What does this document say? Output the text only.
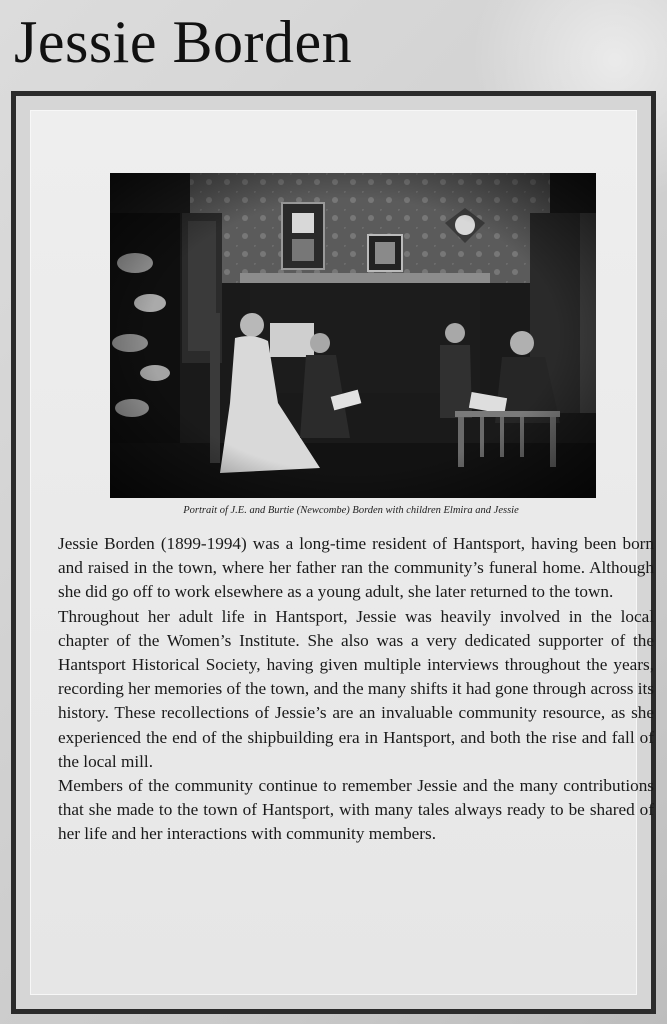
Jessie Borden

Portrait of J.E. and Burtie (Newcombe) Borden with children Elmira and Jessie

Jessie Borden (1899-1994) was a long-time resident of Hantsport, having been born and raised in the town, where her father ran the community’s funeral home. Although she did go off to work elsewhere as a young adult, she later returned to the town.

Throughout her adult life in Hantsport, Jessie was heavily involved in the local chapter of the Women’s Institute. She also was a very dedicated supporter of the Hantsport Historical Society, having given multiple interviews throughout the years, recording her memories of the town, and the many shifts it had gone through across its history. These recollections of Jessie’s are an invaluable community resource, as she experienced the end of the shipbuilding era in Hantsport, and both the rise and fall of the local mill.

Members of the community continue to remember Jessie and the many contributions that she made to the town of Hantsport, with many tales always ready to be shared of her life and her interactions with community members.
